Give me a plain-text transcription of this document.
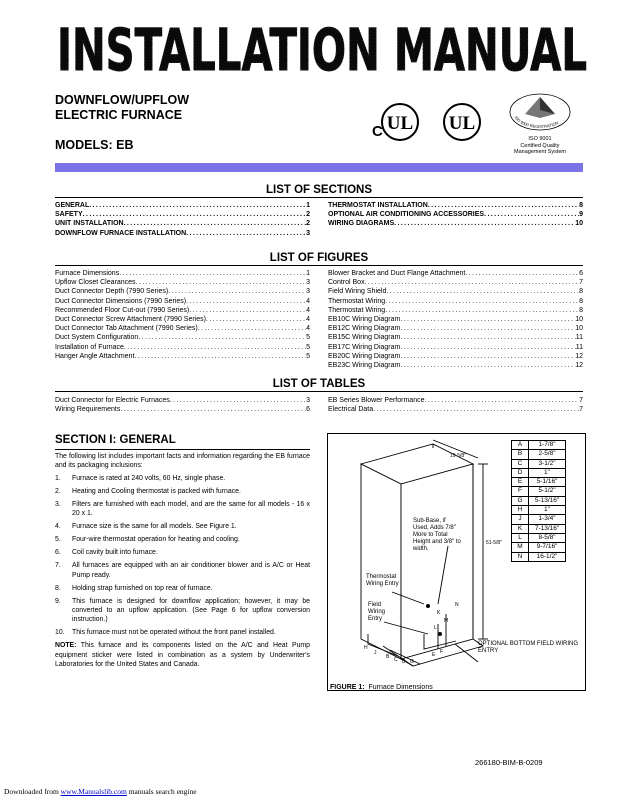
INSTALLATION MANUAL
INSTALLATION MANUAL
DOWNFLOW/UPFLOW
ELECTRIC FURNACE
MODELS: EB
C UL UL	ISO 9000 REGISTRATION
ISO 9001
Certified Quality
Management System
LIST OF SECTIONS
GENERAL .....	1
SAFETY .....	2
UNIT INSTALLATION .....	2
DOWNFLOW FURNACE INSTALLATION .....	3
THERMOSTAT INSTALLATION .....	8
OPTIONAL AIR CONDITIONING ACCESSORIES .....	9
WIRING DIAGRAMS .....	10
LIST OF FIGURES
Furnace Dimensions .....	1
Upflow Closet Clearances .....	3
Duct Connector Depth (7990 Series) .....	3
Duct Connector Dimensions (7990 Series) .....	4
Recommended Floor Cut-out (7990 Series) .....	4
Duct Connector Screw Attachment (7990 Series) .....	4
Duct Connector Tab Attachment (7990 Series) .....	4
Duct System Configuration .....	5
Installation of Furnace .....	5
Hanger Angle Attachment .....	5
Blower Bracket and Duct Flange Attachment .....	6
Control Box .....	7
Field Wiring Shield .....	8
Thermostat Wiring .....	8
Thermostat Wiring .....	8
EB10C Wiring Diagram .....	10
EB12C Wiring Diagram .....	10
EB15C Wiring Diagram .....	11
EB17C Wiring Diagram .....	11
EB20C Wiring Diagram .....	12
EB23C Wiring Diagram .....	12
LIST OF TABLES
Duct Connector for Electric Furnaces .....	3
Wiring Requirements .....	6
EB Series Blower Performance .....	7
Electrical Data .....	7
SECTION I: GENERAL

The following list includes important facts and information regarding the EB furnace and its packaging inclusions:

1.	Furnace is rated at 240 volts, 60 Hz, single phase.
2.	Heating and Cooling thermostat is packed with furnace.
3.	Filters are furnished with each model, and are the same for all models - 16 x 20 x 1.
4.	Furnace size is the same for all models. See Figure 1.
5.	Four-wire thermostat operation for heating and cooling.
6.	Coil cavity built into furnace.
7.	All furnaces are equipped with an air conditioner blower and is A/C or Heat Pump ready.
8.	Holding strap furnished on top rear of furnace.
9.	This furnace is designed for downflow application; however, it may be converted to an upflow application. (See Page 6 for upflow conversion instruction.)
10.	This furnace must not be operated without the front panel installed.
NOTE: This furnace and its components listed on the A/C and Heat Pump equipment sticker were listed in combination as a system by Underwriter's Laboratories for the United States and Canada.
19-5/8"
51-5/8"
N
K
M
L
H
J
B C D G
E F
Sub-Base, if Used, Adds 7/8" More to Total Height and 3/8" to width.
Thermostat Wiring Entry
Field Wiring Entry
OPTIONAL BOTTOM FIELD WIRING ENTRY
A	1-7/8"
B	2-5/8"
C	3-1/2"
D	1"
E	5-1/16"
F	5-1/2"
G	5-13/16"
H	1"
J	1-3/4"
K	7-13/16"
L	8-5/8"
M	9-7/16"
N	16-1/2"
FIGURE 1: Furnace Dimensions
266180-BIM-B-0209
Downloaded from www.Manualslib.com manuals search engine
